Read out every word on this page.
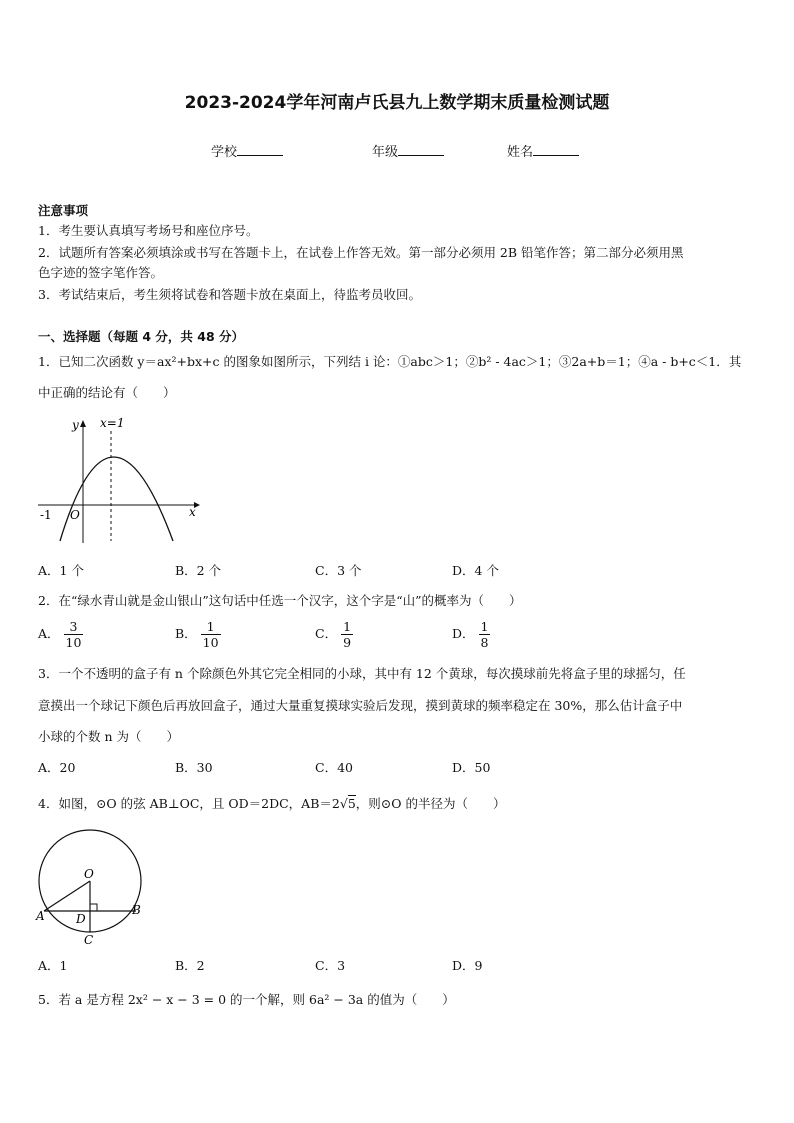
2023-2024学年河南卢氏县九上数学期末质量检测试题
学校	年级	姓名
注意事项
1．考生要认真填写考场号和座位序号。
2．试题所有答案必须填涂或书写在答题卡上，在试卷上作答无效。第一部分必须用 2B 铅笔作答；第二部分必须用黑
色字迹的签字笔作答。
3．考试结束后，考生须将试卷和答题卡放在桌面上，待监考员收回。
一、选择题（每题 4 分，共 48 分）
1．已知二次函数 y＝ax²+bx+c 的图象如图所示，下列结 i 论：①abc＞1；②b² - 4ac＞1；③2a+b＝1；④a - b+c＜1．其
中正确的结论有（　　）
y x=1
x
-1 O
A．1 个	B．2 个	C．3 个	D．4 个
2．在“绿水青山就是金山银山”这句话中任选一个汉字，这个字是“山”的概率为（　　）
A． $\frac{3}{10}$	B． $\frac{1}{10}$	C． $\frac{1}{9}$	D． $\frac{1}{8}$
3．一个不透明的盒子有 n 个除颜色外其它完全相同的小球，其中有 12 个黄球，每次摸球前先将盒子里的球摇匀，任
意摸出一个球记下颜色后再放回盒子，通过大量重复摸球实验后发现，摸到黄球的频率稳定在 30%，那么估计盒子中
小球的个数 n 为（　　）
A．20	B．30	C．40	D．50
4．如图，⊙O 的弦 AB⊥OC，且 OD＝2DC，AB＝2√5，则⊙O 的半径为（　　）
O
A	B
D
C
A．1	B．2	C．3	D．9
5．若 a 是方程 2x² − x − 3 = 0 的一个解，则 6a² − 3a 的值为（　　）
